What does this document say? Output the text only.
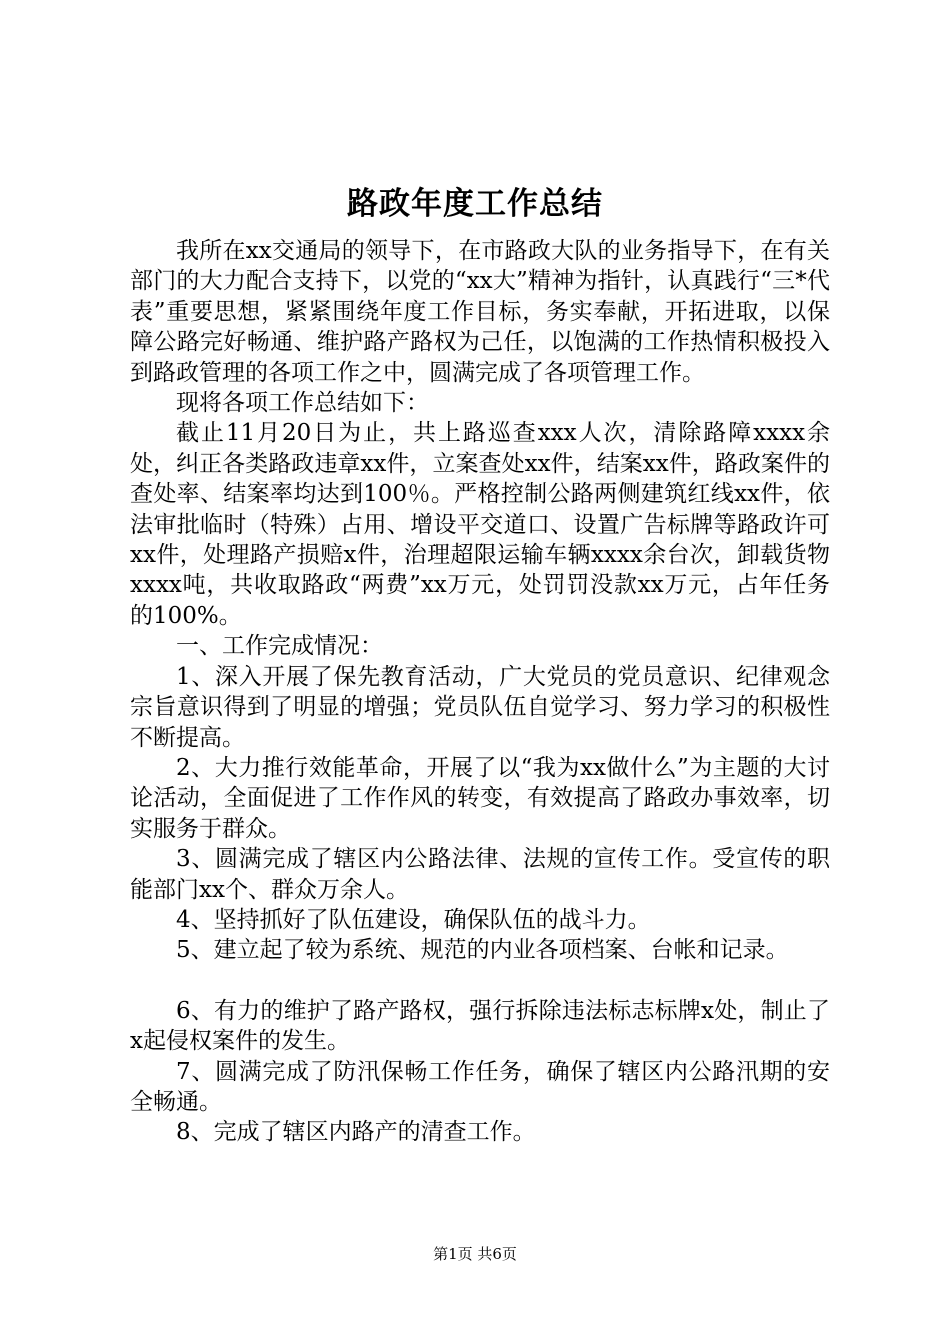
路政年度工作总结

我所在xx交通局的领导下，在市路政大队的业务指导下，在有关部门的大力配合支持下，以党的“xx大”精神为指针，认真践行“三*代表”重要思想，紧紧围绕年度工作目标，务实奉献，开拓进取，以保障公路完好畅通、维护路产路权为己任，以饱满的工作热情积极投入到路政管理的各项工作之中，圆满完成了各项管理工作。

现将各项工作总结如下：

截止11月20日为止，共上路巡查xxx人次，清除路障xxxx余处，纠正各类路政违章xx件，立案查处xx件，结案xx件，路政案件的查处率、结案率均达到100％。严格控制公路两侧建筑红线xx件，依法审批临时（特殊）占用、增设平交道口、设置广告标牌等路政许可xx件，处理路产损赔x件，治理超限运输车辆xxxx余台次，卸载货物xxxx吨，共收取路政“两费”xx万元，处罚罚没款xx万元，占年任务的100%。

一、工作完成情况：

1、深入开展了保先教育活动，广大党员的党员意识、纪律观念宗旨意识得到了明显的增强；党员队伍自觉学习、努力学习的积极性不断提高。

2、大力推行效能革命，开展了以“我为xx做什么”为主题的大讨论活动，全面促进了工作作风的转变，有效提高了路政办事效率，切实服务于群众。

3、圆满完成了辖区内公路法律、法规的宣传工作。受宣传的职能部门xx个、群众万余人。

4、坚持抓好了队伍建设，确保队伍的战斗力。

5、建立起了较为系统、规范的内业各项档案、台帐和记录。

6、有力的维护了路产路权，强行拆除违法标志标牌x处，制止了x起侵权案件的发生。

7、圆满完成了防汛保畅工作任务，确保了辖区内公路汛期的安全畅通。

8、完成了辖区内路产的清查工作。

第1页 共6页
